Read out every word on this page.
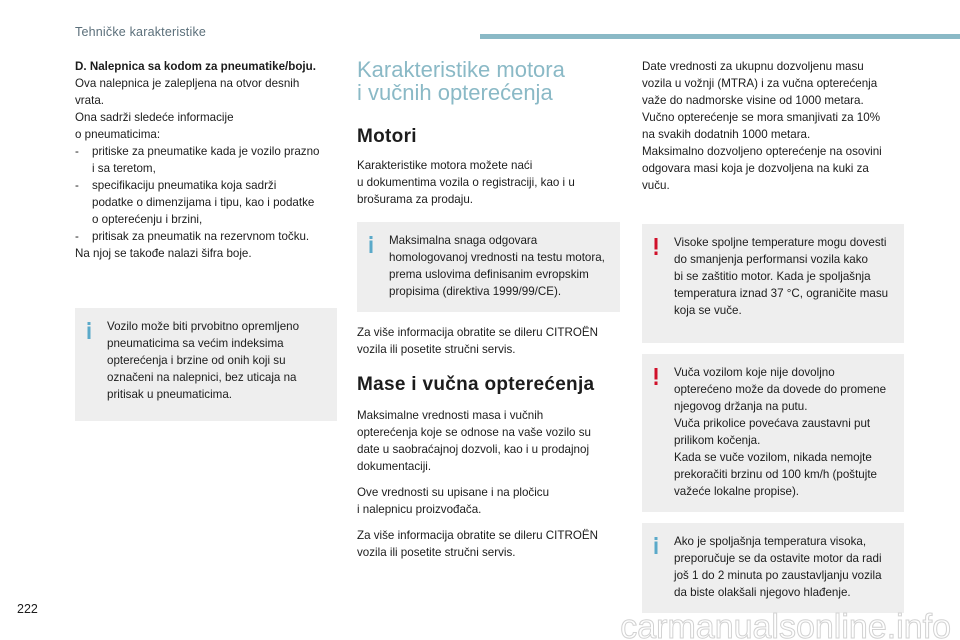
Tehničke karakteristike

D. Nalepnica sa kodom za pneumatike/boju.

Ova nalepnica je zalepljena na otvor desnih
vrata.

Ona sadrži sledeće informacije
o pneumaticima:

- pritiske za pneumatike kada je vozilo prazno
i sa teretom,
- specifikaciju pneumatika koja sadrži
podatke o dimenzijama i tipu, kao i podatke
o opterećenju i brzini,
- pritisak za pneumatik na rezervnom točku.

Na njoj se takođe nalazi šifra boje.

Vozilo može biti prvobitno opremljeno
pneumaticima sa većim indeksima
opterećenja i brzine od onih koji su
označeni na nalepnici, bez uticaja na
pritisak u pneumaticima.
Karakteristike motora
i vučnih opterećenja
Motori

Karakteristike motora možete naći
u dokumentima vozila o registraciji, kao i u
brošurama za prodaju.

Maksimalna snaga odgovara
homologovanoj vrednosti na testu motora,
prema uslovima definisanim evropskim
propisima (direktiva 1999/99/CE).

Za više informacija obratite se dileru CITROËN
vozila ili posetite stručni servis.

Mase i vučna opterećenja

Maksimalne vrednosti masa i vučnih
opterećenja koje se odnose na vaše vozilo su
date u saobraćajnoj dozvoli, kao i u prodajnoj
dokumentaciji.

Ove vrednosti su upisane i na pločicu
i nalepnicu proizvođača.

Za više informacija obratite se dileru CITROËN
vozila ili posetite stručni servis.

Date vrednosti za ukupnu dozvoljenu masu
vozila u vožnji (MTRA) i za vučna opterećenja
važe do nadmorske visine od 1000 metara.
Vučno opterećenje se mora smanjivati za 10%
na svakih dodatnih 1000 metara.
Maksimalno dozvoljeno opterećenje na osovini
odgovara masi koja je dozvoljena na kuki za
vuču.

Visoke spoljne temperature mogu dovesti
do smanjenja performansi vozila kako
bi se zaštitio motor. Kada je spoljašnja
temperatura iznad 37 °C, ograničite masu
koja se vuče.
Vuča vozilom koje nije dovoljno
opterećeno može da dovede do promene
njegovog držanja na putu.
Vuča prikolice povećava zaustavni put
prilikom kočenja.
Kada se vuče vozilom, nikada nemojte
prekoračiti brzinu od 100 km/h (poštujte
važeće lokalne propise).
Ako je spoljašnja temperatura visoka,
preporučuje se da ostavite motor da radi
još 1 do 2 minuta po zaustavljanju vozila
da biste olakšali njegovo hlađenje.
222	carmanualsonline.info
